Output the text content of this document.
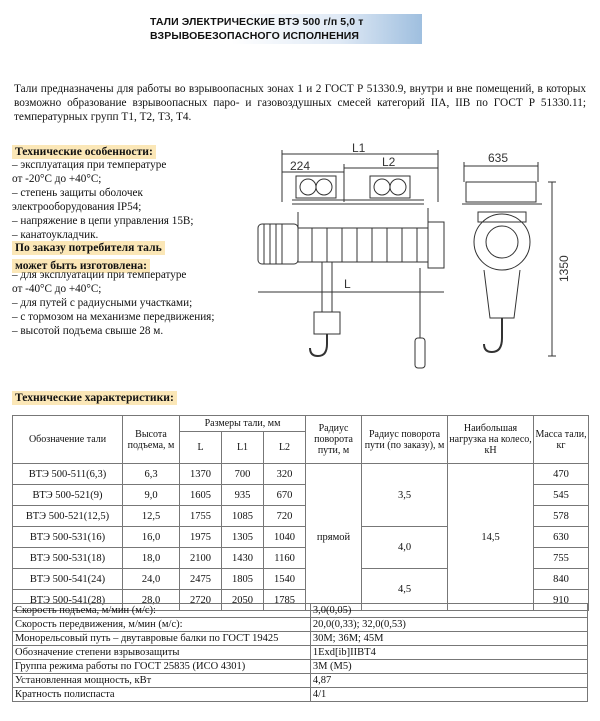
ТАЛИ ЭЛЕКТРИЧЕСКИЕ ВТЭ 500 г/п 5,0 т
ВЗРЫВОБЕЗОПАСНОГО ИСПОЛНЕНИЯ
Тали предназначены для работы во взрывоопасных зонах 1 и 2 ГОСТ Р 51330.9, внутри и вне помещений, в которых возможно образование взрывоопасных паро- и газовоздушных смесей категорий IIA, IIB по ГОСТ Р 51330.11; температурных групп Т1, Т2, Т3, Т4.
Технические особенности:
– эксплуатация при температуре
от -20°С до +40°С;
– степень защиты оболочек
электрооборудования IP54;
– напряжение в цепи управления 15В;
– канатоукладчик.
По заказу потребителя таль
может быть изготовлена:
– для эксплуатации при температуре
от -40°С до +40°С;
– для путей с радиусными участками;
– с тормозом на механизме передвижения;
– высотой подъема свыше 28 м.
L1
L2
224
L
635
1350
Технические характеристики:
Обозначение тали	Высота подъема, м	Размеры тали, мм			Радиус поворота пути, м	Радиус поворота пути (по заказу), м	Наибольшая нагрузка на колесо, кН	Масса тали, кг
		L	L1	L2				
ВТЭ 500-511(6,3)	6,3	1370	700	320	прямой	3,5	14,5	470
ВТЭ 500-521(9)	9,0	1605	935	670				545
ВТЭ 500-521(12,5)	12,5	1755	1085	720				578
ВТЭ 500-531(16)	16,0	1975	1305	1040		4,0		630
ВТЭ 500-531(18)	18,0	2100	1430	1160				755
ВТЭ 500-541(24)	24,0	2475	1805	1540		4,5		840
ВТЭ 500-541(28)	28,0	2720	2050	1785				910
Скорость подъема, м/мин (м/с):	3,0(0,05)
Скорость передвижения, м/мин (м/с):	20,0(0,33); 32,0(0,53)
Монорельсовый путь – двутавровые балки по ГОСТ 19425	30М; 36М; 45М
Обозначение степени взрывозащиты	1Exd[ib]IIBT4
Группа режима работы по ГОСТ 25835 (ИСО 4301)	3М (М5)
Установленная мощность, кВт	4,87
Кратность полиспаста	4/1
